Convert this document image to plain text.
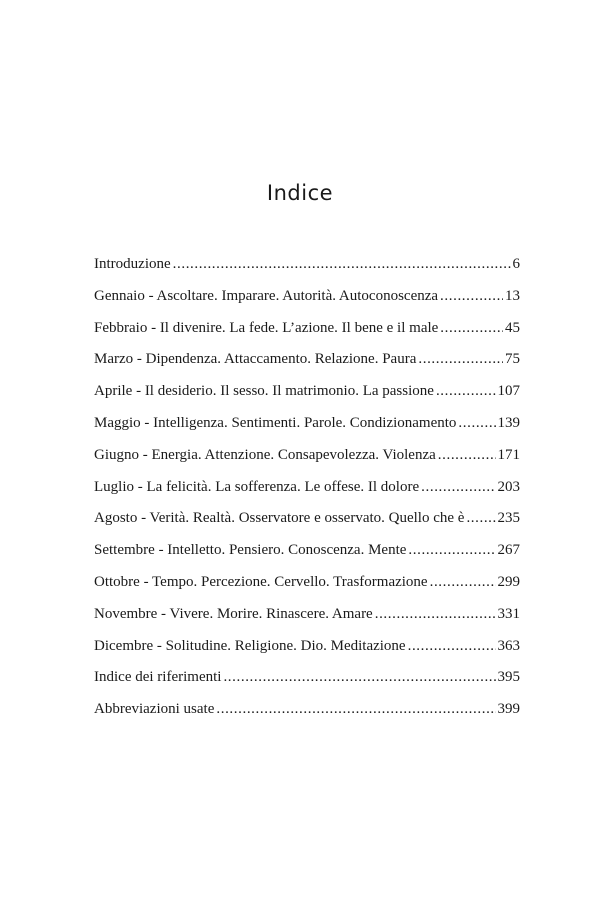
Indice
Introduzione .....	6
Gennaio - Ascoltare. Imparare. Autorità. Autoconoscenza .....	13
Febbraio - Il divenire. La fede. L’azione. Il bene e il male .....	45
Marzo - Dipendenza. Attaccamento. Relazione. Paura .....	75
Aprile - Il desiderio. Il sesso. Il matrimonio. La passione .....	107
Maggio - Intelligenza. Sentimenti. Parole. Condizionamento .....	139
Giugno - Energia. Attenzione. Consapevolezza. Violenza .....	171
Luglio - La felicità. La sofferenza. Le offese. Il dolore .....	203
Agosto - Verità. Realtà. Osservatore e osservato. Quello che è ..... 235
Settembre - Intelletto. Pensiero. Conoscenza. Mente .....	267
Ottobre - Tempo. Percezione. Cervello. Trasformazione .....	299
Novembre - Vivere. Morire. Rinascere. Amare .....	331
Dicembre - Solitudine. Religione. Dio. Meditazione .....	363
Indice dei riferimenti .....	395
Abbreviazioni usate .....	399
